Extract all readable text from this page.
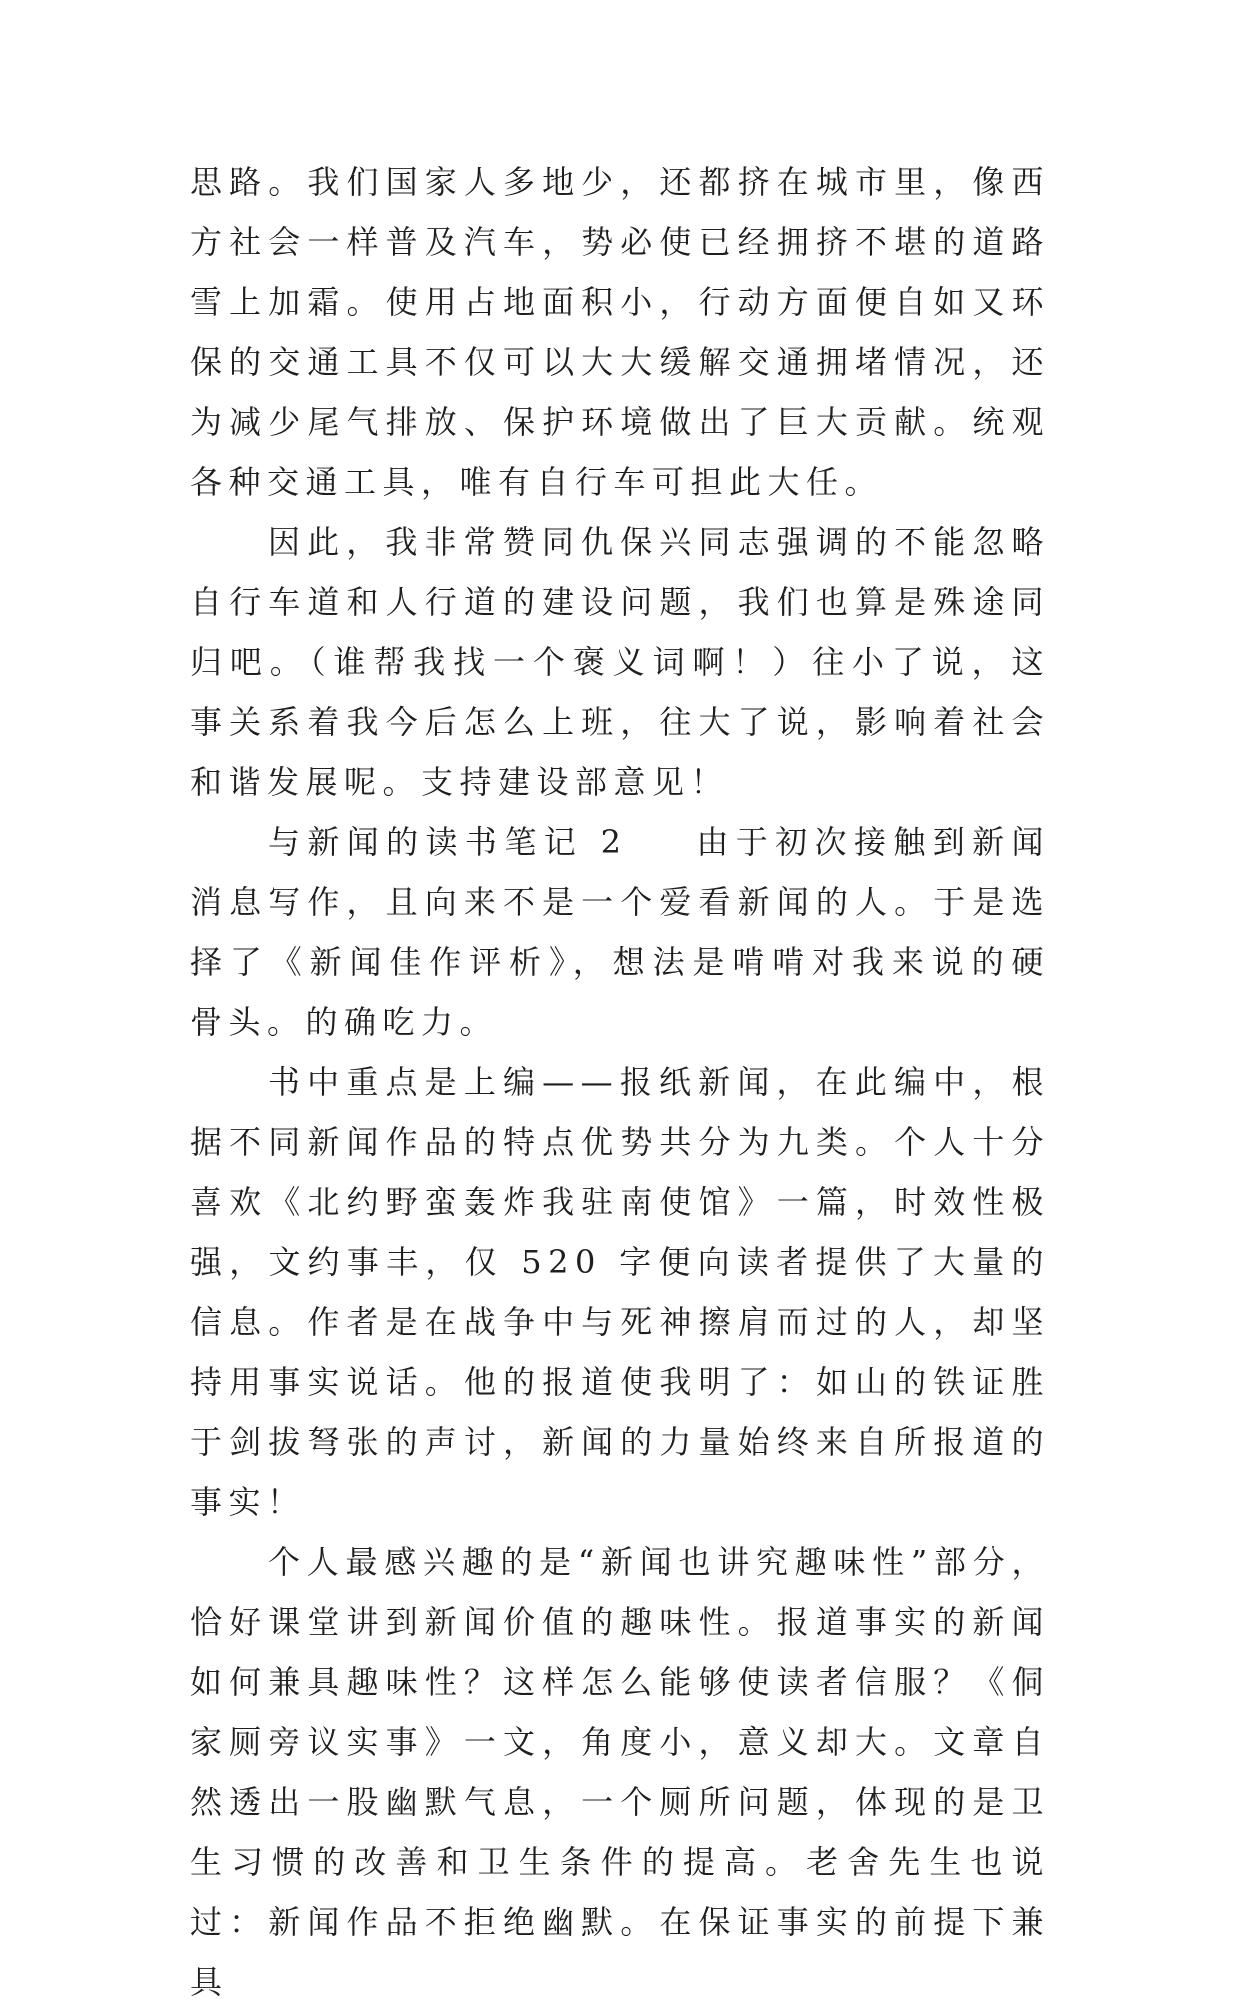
思路。我们国家人多地少，还都挤在城市里，像西方社会一样普及汽车，势必使已经拥挤不堪的道路雪上加霜。使用占地面积小，行动方面便自如又环保的交通工具不仅可以大大缓解交通拥堵情况，还为减少尾气排放、保护环境做出了巨大贡献。统观各种交通工具，唯有自行车可担此大任。

因此，我非常赞同仇保兴同志强调的不能忽略自行车道和人行道的建设问题，我们也算是殊途同归吧。（谁帮我找一个褒义词啊！）往小了说，这事关系着我今后怎么上班，往大了说，影响着社会和谐发展呢。支持建设部意见！

与新闻的读书笔记 2 由于初次接触到新闻消息写作，且向来不是一个爱看新闻的人。于是选择了《新闻佳作评析》，想法是啃啃对我来说的硬骨头。的确吃力。

书中重点是上编——报纸新闻，在此编中，根据不同新闻作品的特点优势共分为九类。个人十分喜欢《北约野蛮轰炸我驻南使馆》一篇，时效性极强，文约事丰，仅 520 字便向读者提供了大量的信息。作者是在战争中与死神擦肩而过的人，却坚持用事实说话。他的报道使我明了：如山的铁证胜于剑拔弩张的声讨，新闻的力量始终来自所报道的事实！

个人最感兴趣的是“新闻也讲究趣味性”部分，恰好课堂讲到新闻价值的趣味性。报道事实的新闻如何兼具趣味性？这样怎么能够使读者信服？《侗家厕旁议实事》一文，角度小，意义却大。文章自然透出一股幽默气息，一个厕所问题，体现的是卫生习惯的改善和卫生条件的提高。老舍先生也说过：新闻作品不拒绝幽默。在保证事实的前提下兼具
